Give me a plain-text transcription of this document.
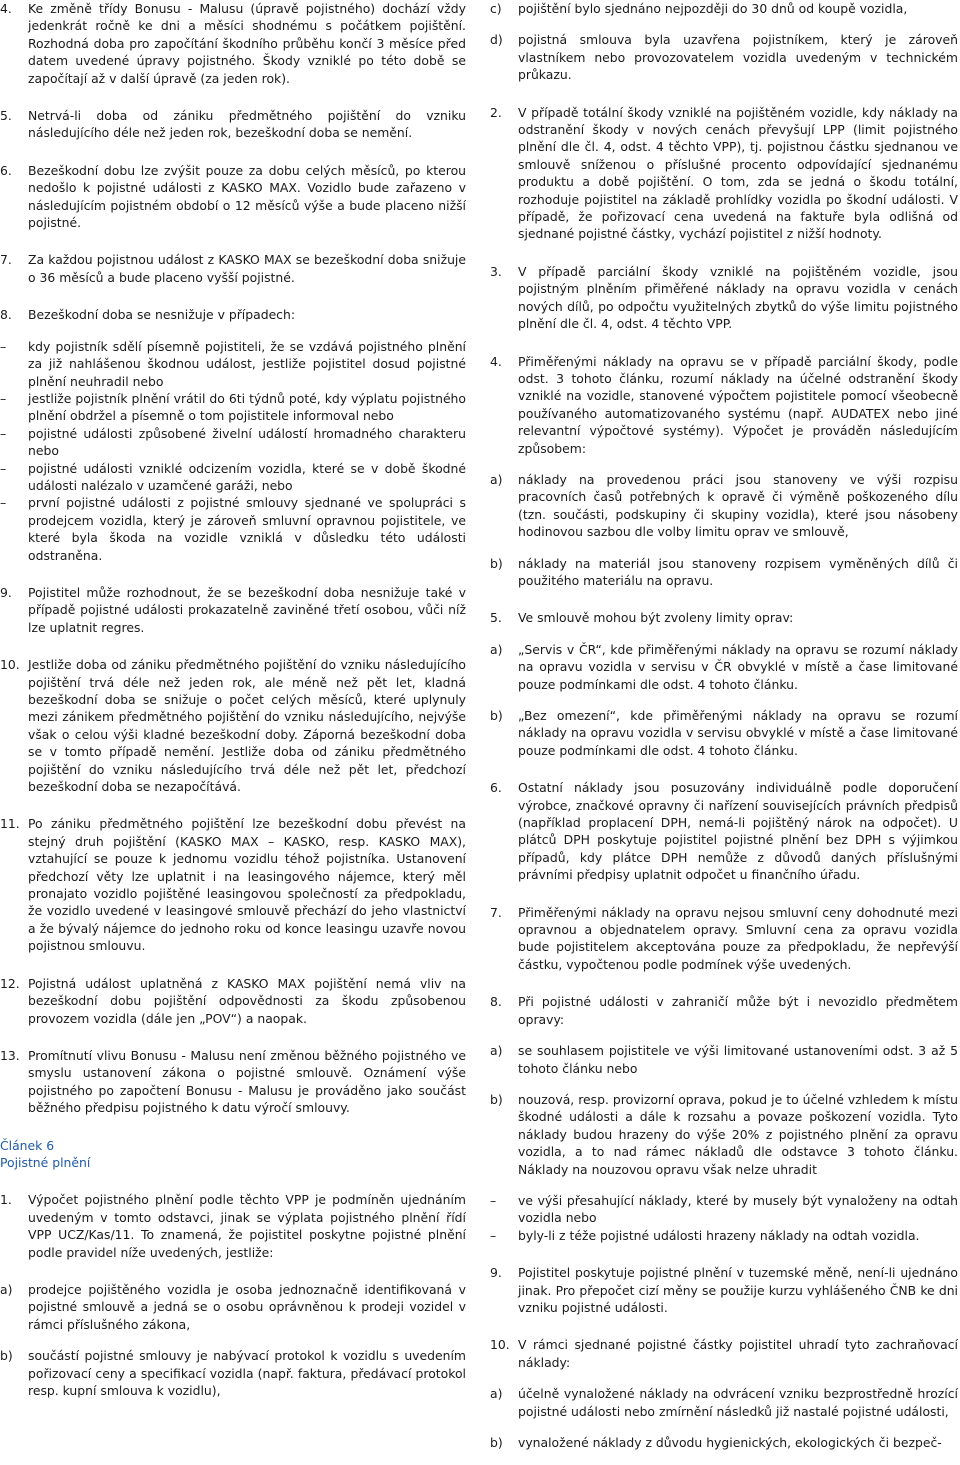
4. Ke změně třídy Bonusu - Malusu (úpravě pojistného) dochází vždy jedenkrát ročně ke dni a měsíci shodnému s počátkem pojištění. Rozhodná doba pro započítání škodního průběhu končí 3 měsíce před datem uvedené úpravy pojistného. Škody vzniklé po této době se započítají až v další úpravě (za jeden rok).
5. Netrvá-li doba od zániku předmětného pojištění do vzniku následujícího déle než jeden rok, bezeškodní doba se nemění.
6. Bezeškodní dobu lze zvýšit pouze za dobu celých měsíců, po kterou nedošlo k pojistné události z KASKO MAX. Vozidlo bude zařazeno v následujícím pojistném období o 12 měsíců výše a bude placeno nižší pojistné.
7. Za každou pojistnou událost z KASKO MAX se bezeškodní doba snižuje o 36 měsíců a bude placeno vyšší pojistné.
8. Bezeškodní doba se nesnižuje v případech:
– kdy pojistník sdělí písemně pojistiteli, že se vzdává pojistného plnění za již nahlášenou škodnou událost, jestliže pojistitel dosud pojistné plnění neuhradil nebo
– jestliže pojistník plnění vrátil do 6ti týdnů poté, kdy výplatu pojistného plnění obdržel a písemně o tom pojistitele informoval nebo
– pojistné události způsobené živelní událostí hromadného charakteru nebo
– pojistné události vzniklé odcizením vozidla, které se v době škodné události nalézalo v uzamčené garáži, nebo
– první pojistné události z pojistné smlouvy sjednané ve spolupráci s prodejcem vozidla, který je zároveň smluvní opravnou pojistitele, ve které byla škoda na vozidle vzniklá v důsledku této události odstraněna.
9. Pojistitel může rozhodnout, že se bezeškodní doba nesnižuje také v případě pojistné události prokazatelně zaviněné třetí osobou, vůči níž lze uplatnit regres.
10. Jestliže doba od zániku předmětného pojištění do vzniku následujícího pojištění trvá déle než jeden rok, ale méně než pět let, kladná bezeškodní doba se snižuje o počet celých měsíců, které uplynuly mezi zánikem předmětného pojištění do vzniku následujícího, nejvýše však o celou výši kladné bezeškodní doby. Záporná bezeškodní doba se v tomto případě nemění. Jestliže doba od zániku předmětného pojištění do vzniku následujícího trvá déle než pět let, předchozí bezeškodní doba se nezapočítává.
11. Po zániku předmětného pojištění lze bezeškodní dobu převést na stejný druh pojištění (KASKO MAX – KASKO, resp. KASKO MAX), vztahující se pouze k jednomu vozidlu téhož pojistníka. Ustanovení předchozí věty lze uplatnit i na leasingového nájemce, který měl pronajato vozidlo pojištěné leasingovou společností za předpokladu, že vozidlo uvedené v leasingové smlouvě přechází do jeho vlastnictví a že bývalý nájemce do jednoho roku od konce leasingu uzavře novou pojistnou smlouvu.
12. Pojistná událost uplatněná z KASKO MAX pojištění nemá vliv na bezeškodní dobu pojištění odpovědnosti za škodu způsobenou provozem vozidla (dále jen „POV“) a naopak.
13. Promítnutí vlivu Bonusu - Malusu není změnou běžného pojistného ve smyslu ustanovení zákona o pojistné smlouvě. Oznámení výše pojistného po započtení Bonusu - Malusu je prováděno jako součást běžného předpisu pojistného k datu výročí smlouvy.
Článek 6
Pojistné plnění
1. Výpočet pojistného plnění podle těchto VPP je podmíněn ujednáním uvedeným v tomto odstavci, jinak se výplata pojistného plnění řídí VPP UCZ/Kas/11. To znamená, že pojistitel poskytne pojistné plnění podle pravidel níže uvedených, jestliže:
a) prodejce pojištěného vozidla je osoba jednoznačně identifikovaná v pojistné smlouvě a jedná se o osobu oprávněnou k prodeji vozidel v rámci příslušného zákona,
b) součástí pojistné smlouvy je nabývací protokol k vozidlu s uvedením pořizovací ceny a specifikací vozidla (např. faktura, předávací protokol resp. kupní smlouva k vozidlu),
c) pojištění bylo sjednáno nejpozději do 30 dnů od koupě vozidla,
d) pojistná smlouva byla uzavřena pojistníkem, který je zároveň vlastníkem nebo provozovatelem vozidla uvedeným v technickém průkazu.
2. V případě totální škody vzniklé na pojištěném vozidle, kdy náklady na odstranění škody v nových cenách převyšují LPP (limit pojistného plnění dle čl. 4, odst. 4 těchto VPP), tj. pojistnou částku sjednanou ve smlouvě sníženou o příslušné procento odpovídající sjednanému produktu a době pojištění. O tom, zda se jedná o škodu totální, rozhoduje pojistitel na základě prohlídky vozidla po škodní události. V případě, že pořizovací cena uvedená na faktuře byla odlišná od sjednané pojistné částky, vychází pojistitel z nižší hodnoty.
3. V případě parciální škody vzniklé na pojištěném vozidle, jsou pojistným plněním přiměřené náklady na opravu vozidla v cenách nových dílů, po odpočtu využitelných zbytků do výše limitu pojistného plnění dle čl. 4, odst. 4 těchto VPP.
4. Přiměřenými náklady na opravu se v případě parciální škody, podle odst. 3 tohoto článku, rozumí náklady na účelné odstranění škody vzniklé na vozidle, stanovené výpočtem pojistitele pomocí všeobecně používaného automatizovaného systému (např. AUDATEX nebo jiné relevantní výpočtové systémy). Výpočet je prováděn následujícím způsobem:
a) náklady na provedenou práci jsou stanoveny ve výši rozpisu pracovních časů potřebných k opravě či výměně poškozeného dílu (tzn. součásti, podskupiny či skupiny vozidla), které jsou násobeny hodinovou sazbou dle volby limitu oprav ve smlouvě,
b) náklady na materiál jsou stanoveny rozpisem vyměněných dílů či použitého materiálu na opravu.
5. Ve smlouvě mohou být zvoleny limity oprav:
a) „Servis v ČR“, kde přiměřenými náklady na opravu se rozumí náklady na opravu vozidla v servisu v ČR obvyklé v místě a čase limitované pouze podmínkami dle odst. 4 tohoto článku.
b) „Bez omezení“, kde přiměřenými náklady na opravu se rozumí náklady na opravu vozidla v servisu obvyklé v místě a čase limitované pouze podmínkami dle odst. 4 tohoto článku.
6. Ostatní náklady jsou posuzovány individuálně podle doporučení výrobce, značkové opravny či nařízení souvisejících právních předpisů (například proplacení DPH, nemá-li pojištěný nárok na odpočet). U plátců DPH poskytuje pojistitel pojistné plnění bez DPH s výjimkou případů, kdy plátce DPH nemůže z důvodů daných příslušnými právními předpisy uplatnit odpočet u finančního úřadu.
7. Přiměřenými náklady na opravu nejsou smluvní ceny dohodnuté mezi opravnou a objednatelem opravy. Smluvní cena za opravu vozidla bude pojistitelem akceptována pouze za předpokladu, že nepřevýší částku, vypočtenou podle podmínek výše uvedených.
8. Při pojistné události v zahraničí může být i nevozidlo předmětem opravy:
a) se souhlasem pojistitele ve výši limitované ustanoveními odst. 3 až 5 tohoto článku nebo
b) nouzová, resp. provizorní oprava, pokud je to účelné vzhledem k místu škodné události a dále k rozsahu a povaze poškození vozidla. Tyto náklady budou hrazeny do výše 20% z pojistného plnění za opravu vozidla, a to nad rámec nákladů dle odstavce 3 tohoto článku. Náklady na nouzovou opravu však nelze uhradit
– ve výši přesahující náklady, které by musely být vynaloženy na odtah vozidla nebo
– byly-li z téže pojistné události hrazeny náklady na odtah vozidla.
9. Pojistitel poskytuje pojistné plnění v tuzemské měně, není-li ujednáno jinak. Pro přepočet cizí měny se použije kurzu vyhlášeného ČNB ke dni vzniku pojistné události.
10. V rámci sjednané pojistné částky pojistitel uhradí tyto zachraňovací náklady:
a) účelně vynaložené náklady na odvrácení vzniku bezprostředně hrozící pojistné události nebo zmírnění následků již nastalé pojistné události,
b) vynaložené náklady z důvodu hygienických, ekologických či bezpeč-
